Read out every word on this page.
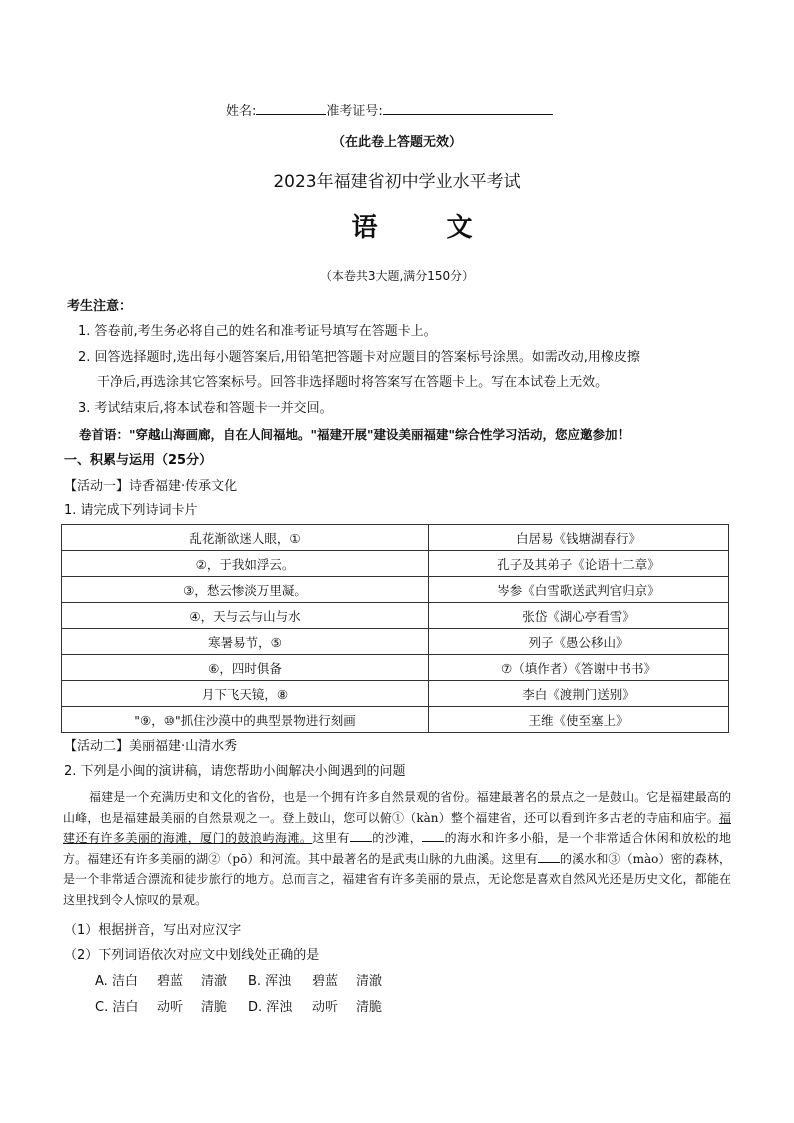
姓名:	准考证号:
（在此卷上答题无效）
2023年福建省初中学业水平考试
语 文
（本卷共3大题,满分150分）
考生注意：
1. 答卷前,考生务必将自己的姓名和准考证号填写在答题卡上。
2. 回答选择题时,选出每小题答案后,用铅笔把答题卡对应题目的答案标号涂黑。如需改动,用橡皮擦
干净后,再选涂其它答案标号。回答非选择题时将答案写在答题卡上。写在本试卷上无效。
3. 考试结束后,将本试卷和答题卡一并交回。
卷首语："穿越山海画廊，自在人间福地。"福建开展"建设美丽福建"综合性学习活动，您应邀参加！
一、积累与运用（25分）
【活动一】诗香福建·传承文化
1. 请完成下列诗词卡片
乱花渐欲迷人眼，①	白居易《钱塘湖春行》
②，于我如浮云。	孔子及其弟子《论语十二章》
③，愁云惨淡万里凝。	岑参《白雪歌送武判官归京》
④，天与云与山与水	张岱《湖心亭看雪》
寒暑易节，⑤	列子《愚公移山》
⑥，四时俱备	⑦（填作者）《答谢中书书》
月下飞天镜，⑧	李白《渡荆门送别》
"⑨，⑩"抓住沙漠中的典型景物进行刻画	王维《使至塞上》
【活动二】美丽福建·山清水秀
2. 下列是小闽的演讲稿，请您帮助小闽解决小闽遇到的问题

福建是一个充满历史和文化的省份，也是一个拥有许多自然景观的省份。福建最著名的景点之一是鼓山。它是福建最高的山峰，也是福建最美丽的自然景观之一。登上鼓山，您可以俯①（kàn）整个福建省，还可以看到许多古老的寺庙和庙宇。福建还有许多美丽的海滩，厦门的鼓浪屿海滩。这里有 的沙滩， 的海水和许多小船，是一个非常适合休闲和放松的地方。福建还有许多美丽的湖②（pō）和河流。其中最著名的是武夷山脉的九曲溪。这里有 的溪水和③（mào）密的森林，是一个非常适合漂流和徒步旅行的地方。总而言之，福建省有许多美丽的景点，无论您是喜欢自然风光还是历史文化，都能在这里找到令人惊叹的景观。

（1）根据拼音，写出对应汉字
（2）下列词语依次对应文中划线处正确的是
A. 洁白 碧蓝 清澈 B. 浑浊 碧蓝 清澈
C. 洁白 动听 清脆 D. 浑浊 动听 清脆
